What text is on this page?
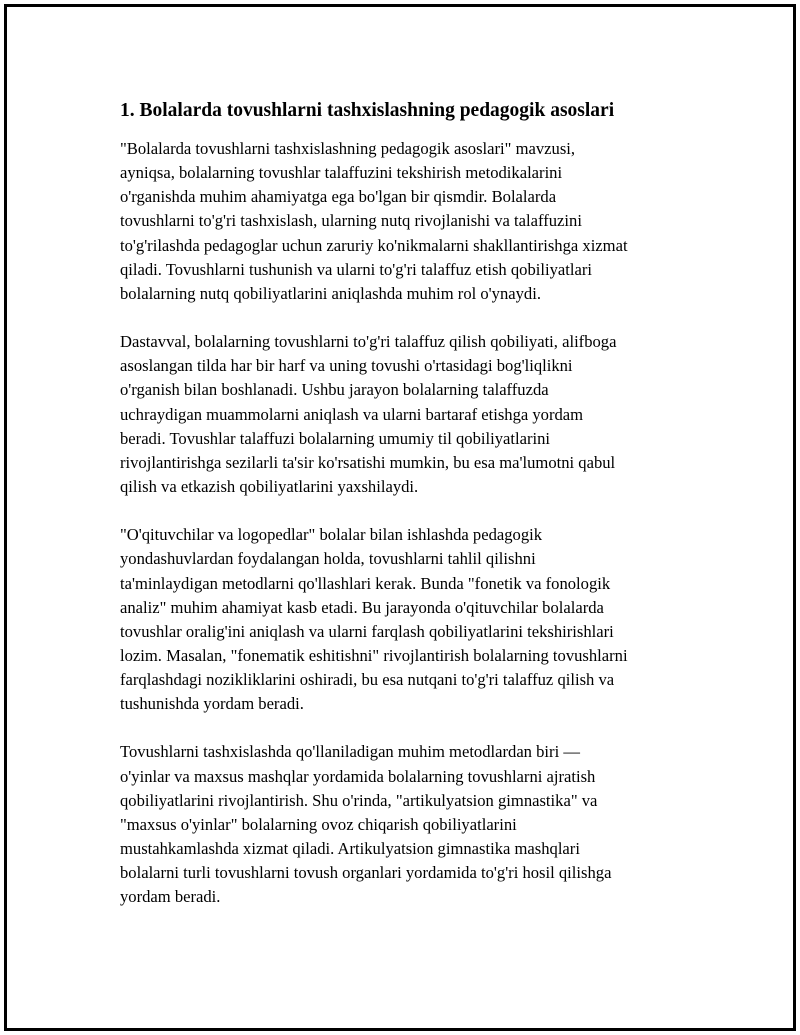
1. Bolalarda tovushlarni tashxislashning pedagogik asoslari

"Bolalarda tovushlarni tashxislashning pedagogik asoslari" mavzusi,
ayniqsa, bolalarning tovushlar talaffuzini tekshirish metodikalarini
o'rganishda muhim ahamiyatga ega bo'lgan bir qismdir. Bolalarda
tovushlarni to'g'ri tashxislash, ularning nutq rivojlanishi va talaffuzini
to'g'rilashda pedagoglar uchun zaruriy ko'nikmalarni shakllantirishga xizmat
qiladi. Tovushlarni tushunish va ularni to'g'ri talaffuz etish qobiliyatlari
bolalarning nutq qobiliyatlarini aniqlashda muhim rol o'ynaydi.

Dastavval, bolalarning tovushlarni to'g'ri talaffuz qilish qobiliyati, alifboga
asoslangan tilda har bir harf va uning tovushi o'rtasidagi bog'liqlikni
o'rganish bilan boshlanadi. Ushbu jarayon bolalarning talaffuzda
uchraydigan muammolarni aniqlash va ularni bartaraf etishga yordam
beradi. Tovushlar talaffuzi bolalarning umumiy til qobiliyatlarini
rivojlantirishga sezilarli ta'sir ko'rsatishi mumkin, bu esa ma'lumotni qabul
qilish va etkazish qobiliyatlarini yaxshilaydi.

"O'qituvchilar va logopedlar" bolalar bilan ishlashda pedagogik
yondashuvlardan foydalangan holda, tovushlarni tahlil qilishni
ta'minlaydigan metodlarni qo'llashlari kerak. Bunda "fonetik va fonologik
analiz" muhim ahamiyat kasb etadi. Bu jarayonda o'qituvchilar bolalarda
tovushlar oralig'ini aniqlash va ularni farqlash qobiliyatlarini tekshirishlari
lozim. Masalan, "fonematik eshitishni" rivojlantirish bolalarning tovushlarni
farqlashdagi nozikliklarini oshiradi, bu esa nutqani to'g'ri talaffuz qilish va
tushunishda yordam beradi.

Tovushlarni tashxislashda qo'llaniladigan muhim metodlardan biri —
o'yinlar va maxsus mashqlar yordamida bolalarning tovushlarni ajratish
qobiliyatlarini rivojlantirish. Shu o'rinda, "artikulyatsion gimnastika" va
"maxsus o'yinlar" bolalarning ovoz chiqarish qobiliyatlarini
mustahkamlashda xizmat qiladi. Artikulyatsion gimnastika mashqlari
bolalarni turli tovushlarni tovush organlari yordamida to'g'ri hosil qilishga
yordam beradi.
